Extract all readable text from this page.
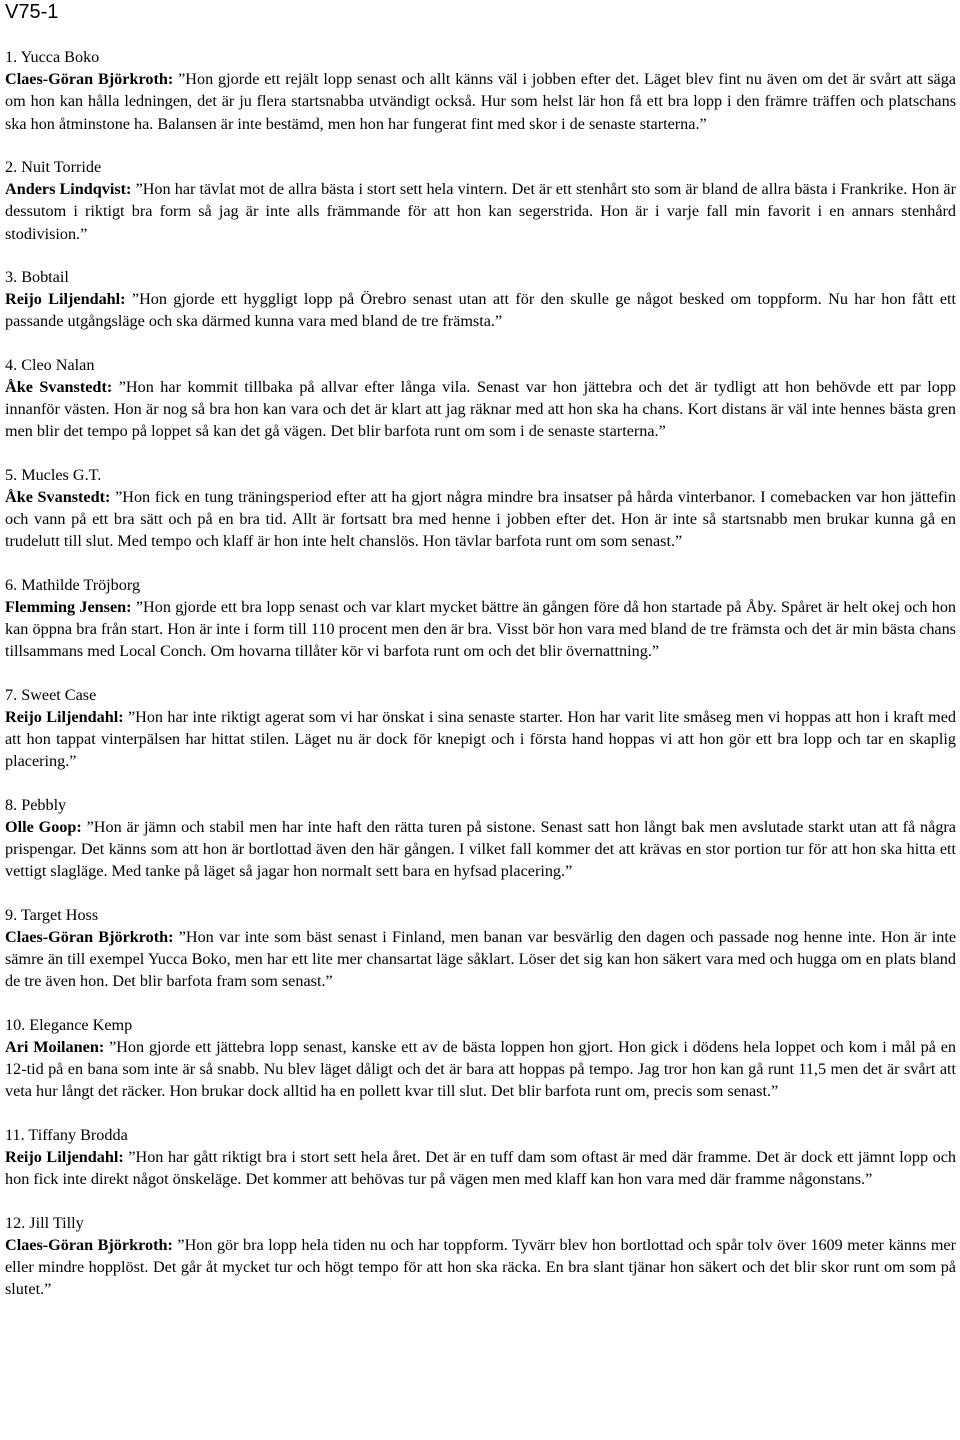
V75-1

1. Yucca Boko

Claes-Göran Björkroth: ”Hon gjorde ett rejält lopp senast och allt känns väl i jobben efter det. Läget blev fint nu även om det är svårt att säga om hon kan hålla ledningen, det är ju flera startsnabba utvändigt också. Hur som helst lär hon få ett bra lopp i den främre träffen och platschans ska hon åtminstone ha. Balansen är inte bestämd, men hon har fungerat fint med skor i de senaste starterna.”

2. Nuit Torride

Anders Lindqvist: ”Hon har tävlat mot de allra bästa i stort sett hela vintern. Det är ett stenhårt sto som är bland de allra bästa i Frankrike. Hon är dessutom i riktigt bra form så jag är inte alls främmande för att hon kan segerstrida. Hon är i varje fall min favorit i en annars stenhård stodivision.”

3. Bobtail

Reijo Liljendahl: ”Hon gjorde ett hyggligt lopp på Örebro senast utan att för den skulle ge något besked om toppform. Nu har hon fått ett passande utgångsläge och ska därmed kunna vara med bland de tre främsta.”

4. Cleo Nalan

Åke Svanstedt: ”Hon har kommit tillbaka på allvar efter långa vila. Senast var hon jättebra och det är tydligt att hon behövde ett par lopp innanför västen. Hon är nog så bra hon kan vara och det är klart att jag räknar med att hon ska ha chans. Kort distans är väl inte hennes bästa gren men blir det tempo på loppet så kan det gå vägen. Det blir barfota runt om som i de senaste starterna.”

5. Mucles G.T.

Åke Svanstedt: ”Hon fick en tung träningsperiod efter att ha gjort några mindre bra insatser på hårda vinterbanor. I comebacken var hon jättefin och vann på ett bra sätt och på en bra tid. Allt är fortsatt bra med henne i jobben efter det. Hon är inte så startsnabb men brukar kunna gå en trudelutt till slut. Med tempo och klaff är hon inte helt chanslös. Hon tävlar barfota runt om som senast.”

6. Mathilde Tröjborg

Flemming Jensen: ”Hon gjorde ett bra lopp senast och var klart mycket bättre än gången före då hon startade på Åby. Spåret är helt okej och hon kan öppna bra från start. Hon är inte i form till 110 procent men den är bra. Visst bör hon vara med bland de tre främsta och det är min bästa chans tillsammans med Local Conch. Om hovarna tillåter kör vi barfota runt om och det blir övernattning.”

7. Sweet Case

Reijo Liljendahl: ”Hon har inte riktigt agerat som vi har önskat i sina senaste starter. Hon har varit lite småseg men vi hoppas att hon i kraft med att hon tappat vinterpälsen har hittat stilen. Läget nu är dock för knepigt och i första hand hoppas vi att hon gör ett bra lopp och tar en skaplig placering.”

8. Pebbly

Olle Goop: ”Hon är jämn och stabil men har inte haft den rätta turen på sistone. Senast satt hon långt bak men avslutade starkt utan att få några prispengar. Det känns som att hon är bortlottad även den här gången. I vilket fall kommer det att krävas en stor portion tur för att hon ska hitta ett vettigt slagläge. Med tanke på läget så jagar hon normalt sett bara en hyfsad placering.”

9. Target Hoss

Claes-Göran Björkroth: ”Hon var inte som bäst senast i Finland, men banan var besvärlig den dagen och passade nog henne inte. Hon är inte sämre än till exempel Yucca Boko, men har ett lite mer chansartat läge såklart. Löser det sig kan hon säkert vara med och hugga om en plats bland de tre även hon. Det blir barfota fram som senast.”

10. Elegance Kemp

Ari Moilanen: ”Hon gjorde ett jättebra lopp senast, kanske ett av de bästa loppen hon gjort. Hon gick i dödens hela loppet och kom i mål på en 12-tid på en bana som inte är så snabb. Nu blev läget dåligt och det är bara att hoppas på tempo. Jag tror hon kan gå runt 11,5 men det är svårt att veta hur långt det räcker. Hon brukar dock alltid ha en pollett kvar till slut. Det blir barfota runt om, precis som senast.”

11. Tiffany Brodda

Reijo Liljendahl: ”Hon har gått riktigt bra i stort sett hela året. Det är en tuff dam som oftast är med där framme. Det är dock ett jämnt lopp och hon fick inte direkt något önskeläge. Det kommer att behövas tur på vägen men med klaff kan hon vara med där framme någonstans.”

12. Jill Tilly

Claes-Göran Björkroth: ”Hon gör bra lopp hela tiden nu och har toppform. Tyvärr blev hon bortlottad och spår tolv över 1609 meter känns mer eller mindre hopplöst. Det går åt mycket tur och högt tempo för att hon ska räcka. En bra slant tjänar hon säkert och det blir skor runt om som på slutet.”
